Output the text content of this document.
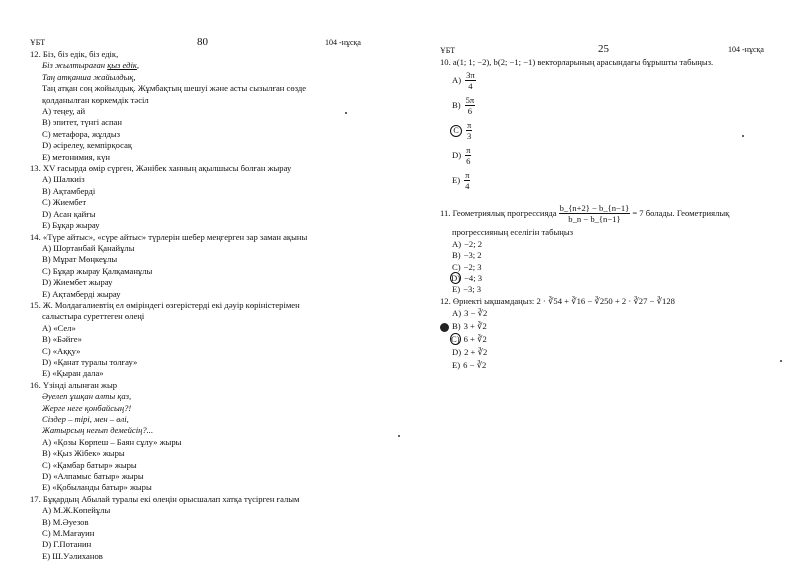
ҰБТ	80	104 -нұсқа
12. Біз, біз едік, біз едік,
Біз жылтыраған қыз едік,
Таң атқанша жайылдық,
Таң атқан соң жойылдық. Жұмбақтың шешуі және асты сызылған сөзде
қолданылған көркемдік тәсіл
A) теңеу, ай
B) эпитет, түнгі аспан
C) метафора, жұлдыз
D) әсірелеу, кемпірқосақ
E) метонимия, күн
13. XV ғасырда өмір сүрген, Жәнібек ханның ақылшысы болған жырау
A) Шалкиіз
B) Ақтамберді
C) Жиембет
D) Асан қайғы
E) Бұқар жырау
14. «Түре айтыс», «сүре айтыс» түрлерін шебер меңгерген зар заман ақыны
A) Шортанбай Қанайұлы
B) Мұрат Мөңкеұлы
C) Бұқар жырау Қалқаманұлы
D) Жиембет жырау
E) Ақтамберді жырау
15. Ж. Молдағалиевтің ел өміріндегі өзгерістерді екі дәуір көріністерімен
салыстыра суреттеген өлеңі
A) «Сел»
B) «Бәйге»
C) «Аққу»
D) «Қанат туралы толғау»
E) «Қыран дала»
16. Үзінді алынған жыр
Әуелеп ұшқан алты қаз,
Жерге неге қонбайсың?!
Сіздер – тірі, мен – өлі,
Жатырсың неғып демейсің?...
A) «Қозы Көрпеш – Баян сұлу» жыры
B) «Қыз Жібек» жыры
C) «Қамбар батыр» жыры
D) «Алпамыс батыр» жыры
E) «Қобыланды батыр» жыры
17. Бұқардың Абылай туралы екі өлеңін орысшалап хатқа түсірген ғалым
A) М.Ж.Көпейұлы
B) М.Әуезов
C) М.Мағауин
D) Г.Потанин
E) Ш.Уәлиханов
ҰБТ	25	104 -нұсқа
10. a(1; 1; −2), b(2; −1; −1) векторларының арасындағы бұрышты табыңыз.
$A) \frac{3\pi}{4}$
$B) \frac{5\pi}{6}$
C $\frac{\pi}{3}$
$D) \frac{\pi}{6}$
$E) \frac{\pi}{4}$
11. Геометриялық прогрессияда $\frac{b\_\{n+2\} - b\_\{n-1\}}{b\_n - b\_\{n-1\}} = 7$ болады. Геометриялық
прогрессияның еселігін табыңыз
A) −2; 2
B) −3; 2
C) −2; 3
D) −4; 3
E) −3; 3
12. Өрнекті ықшамдаңыз: 2 · ∛54 + ∛16 − ∛250 + 2 · ∛27 − ∛128
A) 3 − ∛2
B) 3 + ∛2
C) 6 + ∛2
D) 2 + ∛2
E) 6 − ∛2
